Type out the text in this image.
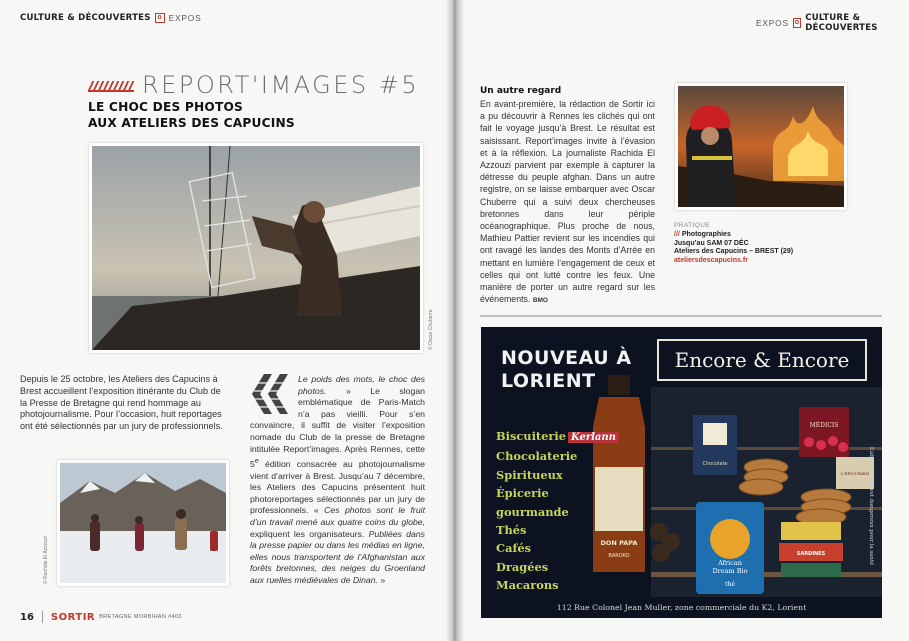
CULTURE & DÉCOUVERTES o EXPOS
REPORT'IMAGES #5
LE CHOC DES PHOTOS
AUX ATELIERS DES CAPUCINS
© Oscar Chuberre
Depuis le 25 octobre, les Ateliers des Capucins à Brest accueillent l’exposition itinérante du Club de la Presse de Bretagne qui rend hommage au photojournalisme. Pour l’occasion, huit reportages ont été sélectionnés par un jury de professionnels.
© Rachida El Azzouzi
Le poids des mots, le choc des photos. » Le slogan emblématique de Paris-Match n’a pas vieilli. Pour s’en convaincre, il suffit de visiter l’exposition nomade du Club de la presse de Bretagne intitulée Report’images. Après Rennes, cette 5e édition consacrée au photojournalisme vient d’arriver à Brest. Jusqu’au 7 décembre, les Ateliers des Capucins présentent huit photoreportages sélectionnés par un jury de professionnels. « Ces photos sont le fruit d’un travail mené aux quatre coins du globe, expliquent les organisateurs. Publiées dans la presse papier ou dans les médias en ligne, elles nous transportent de l’Afghanistan aux forêts bretonnes, des neiges du Groenland aux ruelles médiévales de Dinan. »
16 SORTIR BRETAGNE MORBIHAN #403
EXPOS o CULTURE & DÉCOUVERTES
Un autre regard
En avant-première, la rédaction de Sortir ici a pu découvrir à Rennes les clichés qui ont fait le voyage jusqu’à Brest. Le résultat est saisissant. Report’images invite à l’évasion et à la réflexion. La journaliste Rachida El Azzouzi parvient par exemple à capturer la détresse du peuple afghan. Dans un autre registre, on se laisse embarquer avec Oscar Chuberre qui a suivi deux chercheuses bretonnes dans leur périple océanographique. Plus proche de nous, Mathieu Pattier revient sur les incendies qui ont ravagé les landes des Monts d’Arrée en mettant en lumière l’engagement de ceux et celles qui ont lutté contre les feux. Une manière de porter un autre regard sur les événements. BMO
PRATIQUE
/// Photographies
Jusqu’au SAM 07 DÉC
Ateliers des Capucins – BREST (29)
ateliersdescapucins.fr
DON PAPA
BAROKO
African
Dream Bio
thé
Chocolate
MÉDICIS
L'ÉPICURIEN
SARDINES
NOUVEAU À
LORIENT
Encore & Encore
Biscuiterie Kerlann
Chocolaterie
Spiritueux
Épicerie
gourmande
Thés
Cafés
Dragées
Macarons
L’abus d’alcool est dangereux pour la santé
112 Rue Colonel Jean Muller, zone commerciale du K2, Lorient
